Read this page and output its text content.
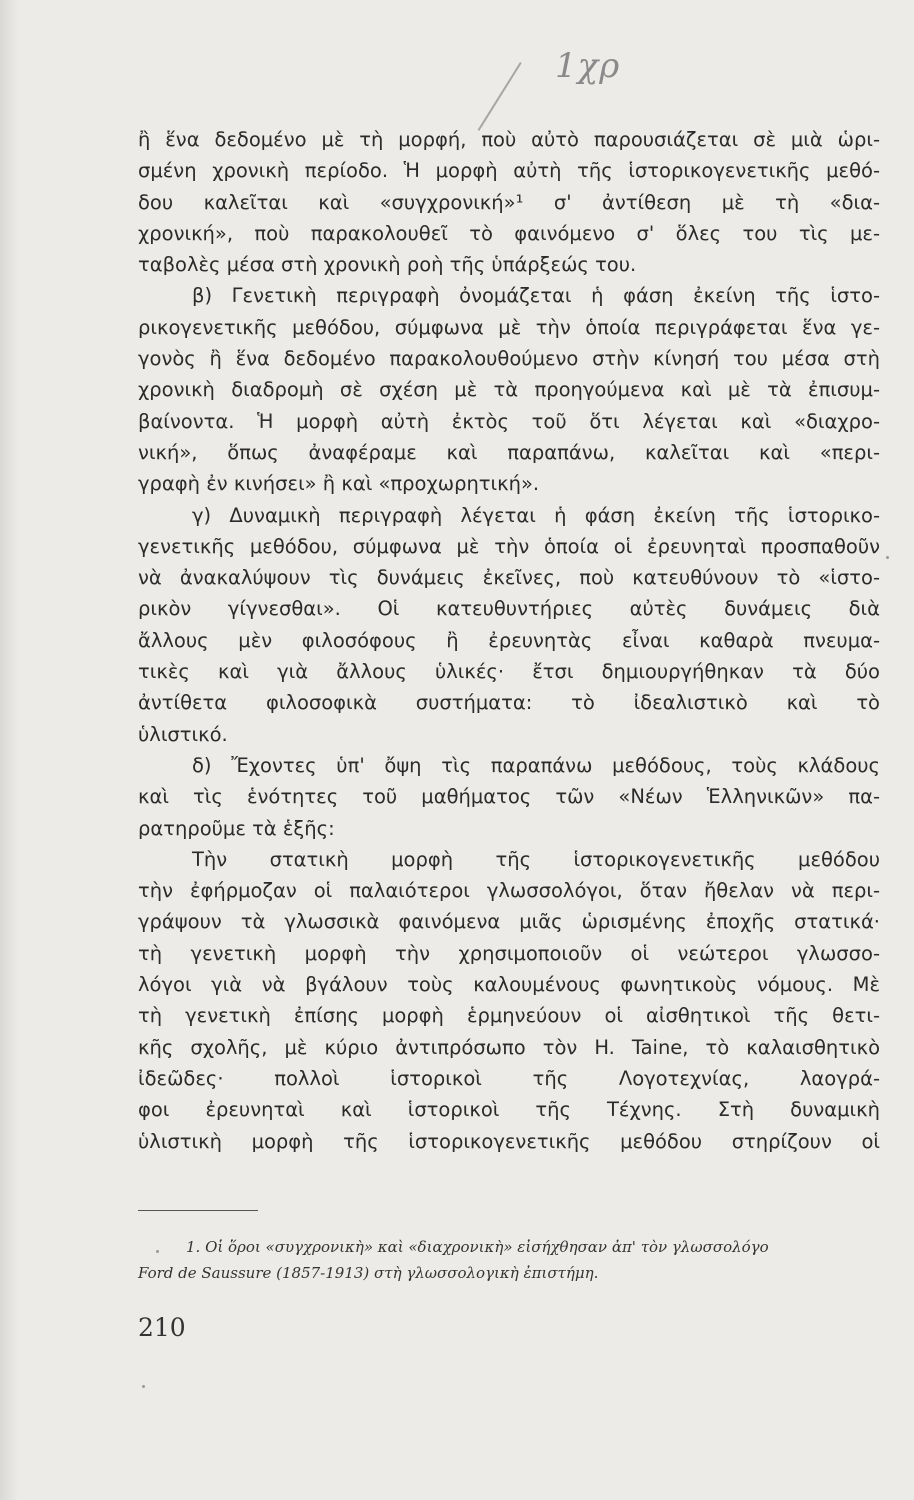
1χρ
ἢ ἕνα δεδομένο μὲ τὴ μορφή, ποὺ αὐτὸ παρουσιάζεται σὲ μιὰ ὡρι-
σμένη χρονικὴ περίοδο. Ἡ μορφὴ αὐτὴ τῆς ἱστορικογενετικῆς μεθό-
δου καλεῖται καὶ «συγχρονική»¹ σ' ἀντίθεση μὲ τὴ «δια-
χρονική», ποὺ παρακολουθεῖ τὸ φαινόμενο σ' ὅλες του τὶς με-
ταβολὲς μέσα στὴ χρονικὴ ροὴ τῆς ὑπάρξεώς του.
β) Γενετικὴ περιγραφὴ ὀνομάζεται ἡ φάση ἐκείνη τῆς ἱστο-
ρικογενετικῆς μεθόδου, σύμφωνα μὲ τὴν ὁποία περιγράφεται ἕνα γε-
γονὸς ἢ ἕνα δεδομένο παρακολουθούμενο στὴν κίνησή του μέσα στὴ
χρονικὴ διαδρομὴ σὲ σχέση μὲ τὰ προηγούμενα καὶ μὲ τὰ ἐπισυμ-
βαίνοντα. Ἡ μορφὴ αὐτὴ ἐκτὸς τοῦ ὅτι λέγεται καὶ «διαχρο-
νική», ὅπως ἀναφέραμε καὶ παραπάνω, καλεῖται καὶ «περι-
γραφὴ ἐν κινήσει» ἢ καὶ «προχωρητική».
γ) Δυναμικὴ περιγραφὴ λέγεται ἡ φάση ἐκείνη τῆς ἱστορικο-
γενετικῆς μεθόδου, σύμφωνα μὲ τὴν ὁποία οἱ ἐρευνηταὶ προσπαθοῦν
νὰ ἀνακαλύψουν τὶς δυνάμεις ἐκεῖνες, ποὺ κατευθύνουν τὸ «ἱστο-
ρικὸν γίγνεσθαι». Οἱ κατευθυντήριες αὐτὲς δυνάμεις διὰ
ἄλλους μὲν φιλοσόφους ἢ ἐρευνητὰς εἶναι καθαρὰ πνευμα-
τικὲς καὶ γιὰ ἄλλους ὑλικές· ἔτσι δημιουργήθηκαν τὰ δύο
ἀντίθετα φιλοσοφικὰ συστήματα: τὸ ἰδεαλιστικὸ καὶ τὸ
ὑλιστικό.
δ) Ἔχοντες ὑπ' ὄψη τὶς παραπάνω μεθόδους, τοὺς κλάδους
καὶ τὶς ἑνότητες τοῦ μαθήματος τῶν «Νέων Ἑλληνικῶν» πα-
ρατηροῦμε τὰ ἑξῆς:
Τὴν στατικὴ μορφὴ τῆς ἱστορικογενετικῆς μεθόδου
τὴν ἐφήρμοζαν οἱ παλαιότεροι γλωσσολόγοι, ὅταν ἤθελαν νὰ περι-
γράψουν τὰ γλωσσικὰ φαινόμενα μιᾶς ὡρισμένης ἐποχῆς στατικά·
τὴ γενετικὴ μορφὴ τὴν χρησιμοποιοῦν οἱ νεώτεροι γλωσσο-
λόγοι γιὰ νὰ βγάλουν τοὺς καλουμένους φωνητικοὺς νόμους. Μὲ
τὴ γενετικὴ ἐπίσης μορφὴ ἑρμηνεύουν οἱ αἰσθητικοὶ τῆς θετι-
κῆς σχολῆς, μὲ κύριο ἀντιπρόσωπο τὸν H. Taine, τὸ καλαισθητικὸ
ἰδεῶδες· πολλοὶ ἱστορικοὶ τῆς Λογοτεχνίας, λαογρά-
φοι ἐρευνηταὶ καὶ ἱστορικοὶ τῆς Τέχνης. Στὴ δυναμικὴ
ὑλιστικὴ μορφὴ τῆς ἱστορικογενετικῆς μεθόδου στηρίζουν οἱ
1. Οἱ ὅροι «συγχρονικὴ» καὶ «διαχρονικὴ» εἰσήχθησαν ἀπ' τὸν γλωσσολόγο
Ford de Saussure (1857-1913) στὴ γλωσσολογικὴ ἐπιστήμη.
210
